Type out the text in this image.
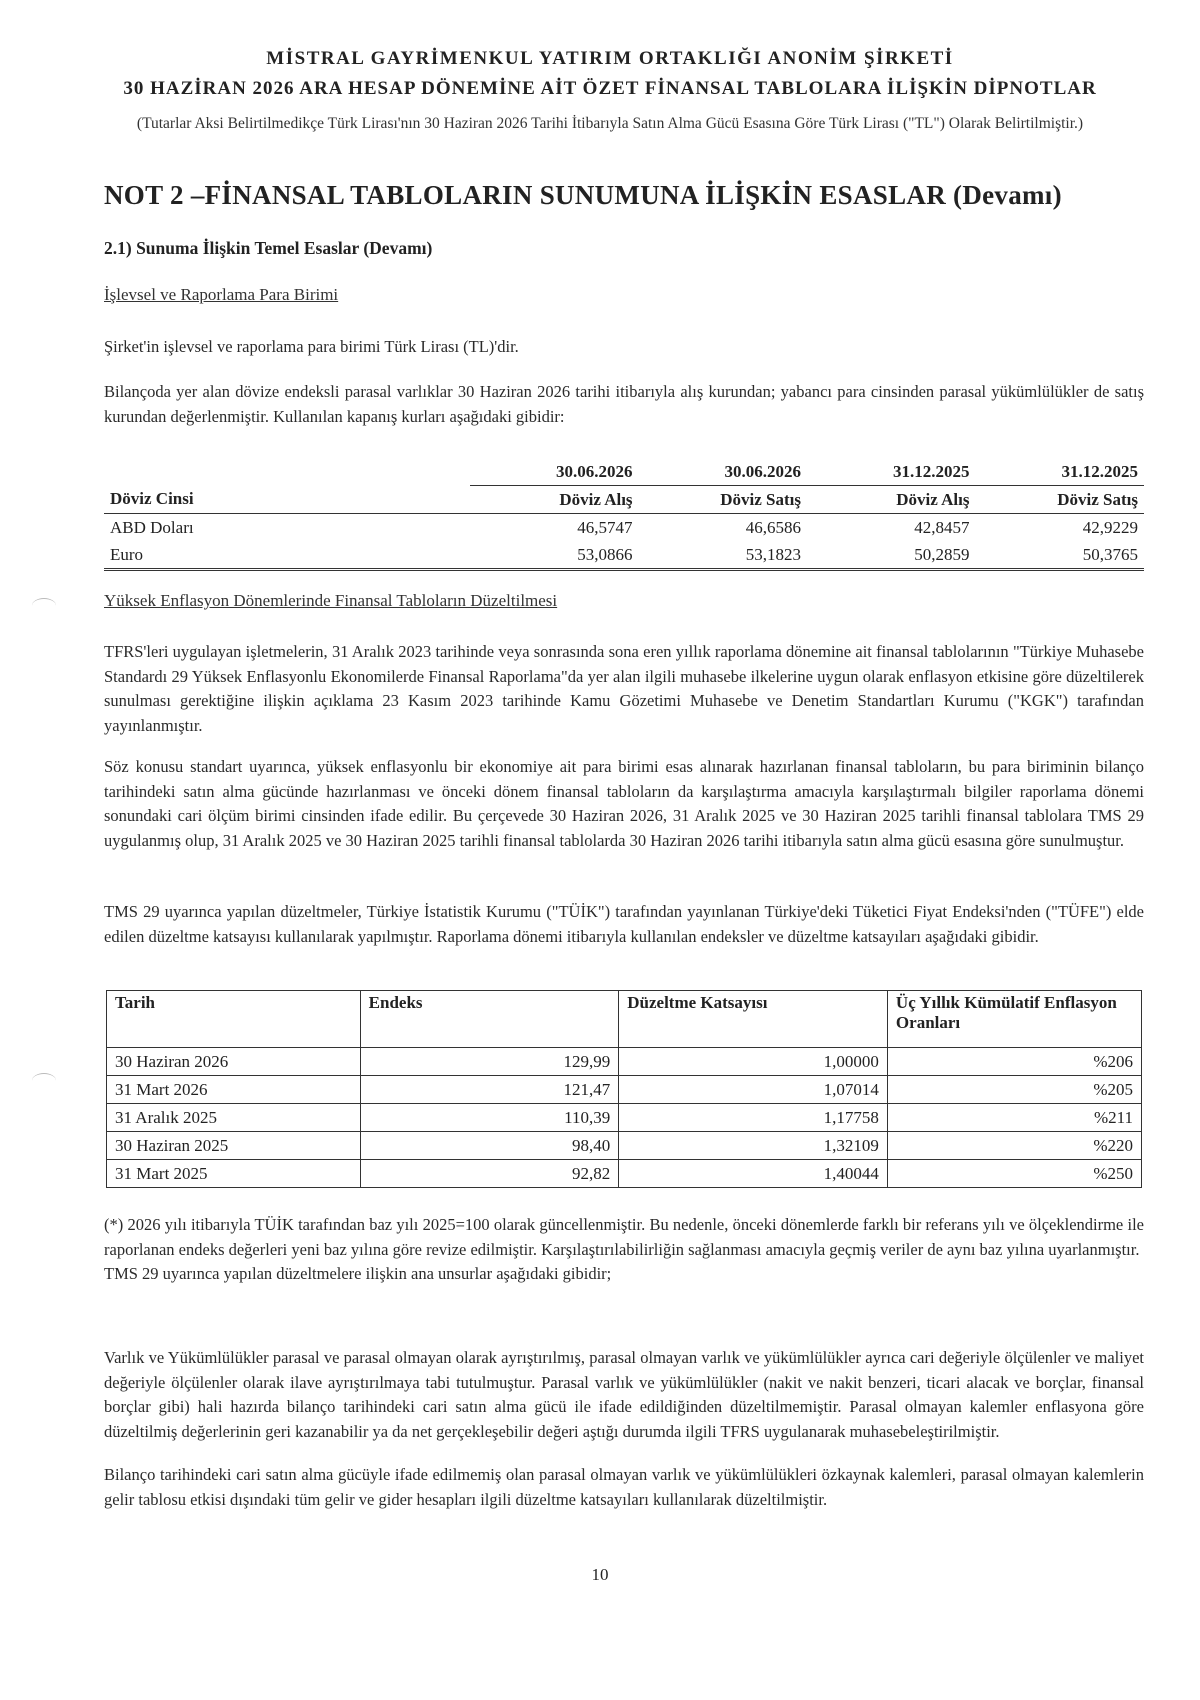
MİSTRAL GAYRİMENKUL YATIRIM ORTAKLIĞI ANONİM ŞİRKETİ
30 HAZİRAN 2026 ARA HESAP DÖNEMİNE AİT ÖZET FİNANSAL TABLOLARA İLİŞKİN DİPNOTLAR
(Tutarlar Aksi Belirtilmedikçe Türk Lirası'nın 30 Haziran 2026 Tarihi İtibarıyla Satın Alma Gücü Esasına Göre Türk Lirası ("TL") Olarak Belirtilmiştir.)
NOT 2 –FİNANSAL TABLOLARIN SUNUMUNA İLİŞKİN ESASLAR (Devamı)
2.1) Sunuma İlişkin Temel Esaslar (Devamı)
İşlevsel ve Raporlama Para Birimi
Şirket'in işlevsel ve raporlama para birimi Türk Lirası (TL)'dir.
Bilançoda yer alan dövize endeksli parasal varlıklar 30 Haziran 2026 tarihi itibarıyla alış kurundan; yabancı para cinsinden parasal yükümlülükler de satış kurundan değerlenmiştir. Kullanılan kapanış kurları aşağıdaki gibidir:
	30.06.2026	30.06.2026	31.12.2025	31.12.2025
Döviz Cinsi	Döviz Alış	Döviz Satış	Döviz Alış	Döviz Satış
ABD Doları	46,5747	46,6586	42,8457	42,9229
Euro	53,0866	53,1823	50,2859	50,3765
Yüksek Enflasyon Dönemlerinde Finansal Tabloların Düzeltilmesi
TFRS'leri uygulayan işletmelerin, 31 Aralık 2023 tarihinde veya sonrasında sona eren yıllık raporlama dönemine ait finansal tablolarının "Türkiye Muhasebe Standardı 29 Yüksek Enflasyonlu Ekonomilerde Finansal Raporlama"da yer alan ilgili muhasebe ilkelerine uygun olarak enflasyon etkisine göre düzeltilerek sunulması gerektiğine ilişkin açıklama 23 Kasım 2023 tarihinde Kamu Gözetimi Muhasebe ve Denetim Standartları Kurumu ("KGK") tarafından yayınlanmıştır.
Söz konusu standart uyarınca, yüksek enflasyonlu bir ekonomiye ait para birimi esas alınarak hazırlanan finansal tabloların, bu para biriminin bilanço tarihindeki satın alma gücünde hazırlanması ve önceki dönem finansal tabloların da karşılaştırma amacıyla karşılaştırmalı bilgiler raporlama dönemi sonundaki cari ölçüm birimi cinsinden ifade edilir. Bu çerçevede 30 Haziran 2026, 31 Aralık 2025 ve 30 Haziran 2025 tarihli finansal tablolara TMS 29 uygulanmış olup, 31 Aralık 2025 ve 30 Haziran 2025 tarihli finansal tablolarda 30 Haziran 2026 tarihi itibarıyla satın alma gücü esasına göre sunulmuştur.
TMS 29 uyarınca yapılan düzeltmeler, Türkiye İstatistik Kurumu ("TÜİK") tarafından yayınlanan Türkiye'deki Tüketici Fiyat Endeksi'nden ("TÜFE") elde edilen düzeltme katsayısı kullanılarak yapılmıştır. Raporlama dönemi itibarıyla kullanılan endeksler ve düzeltme katsayıları aşağıdaki gibidir.
Tarih	Endeks	Düzeltme Katsayısı	Üç Yıllık Kümülatif Enflasyon Oranları
30 Haziran 2026	129,99	1,00000	%206
31 Mart 2026	121,47	1,07014	%205
31 Aralık 2025	110,39	1,17758	%211
30 Haziran 2025	98,40	1,32109	%220
31 Mart 2025	92,82	1,40044	%250
(*) 2026 yılı itibarıyla TÜİK tarafından baz yılı 2025=100 olarak güncellenmiştir. Bu nedenle, önceki dönemlerde farklı bir referans yılı ve ölçeklendirme ile raporlanan endeks değerleri yeni baz yılına göre revize edilmiştir. Karşılaştırılabilirliğin sağlanması amacıyla geçmiş veriler de aynı baz yılına uyarlanmıştır.
TMS 29 uyarınca yapılan düzeltmelere ilişkin ana unsurlar aşağıdaki gibidir;
Varlık ve Yükümlülükler parasal ve parasal olmayan olarak ayrıştırılmış, parasal olmayan varlık ve yükümlülükler ayrıca cari değeriyle ölçülenler ve maliyet değeriyle ölçülenler olarak ilave ayrıştırılmaya tabi tutulmuştur. Parasal varlık ve yükümlülükler (nakit ve nakit benzeri, ticari alacak ve borçlar, finansal borçlar gibi) hali hazırda bilanço tarihindeki cari satın alma gücü ile ifade edildiğinden düzeltilmemiştir. Parasal olmayan kalemler enflasyona göre düzeltilmiş değerlerinin geri kazanabilir ya da net gerçekleşebilir değeri aştığı durumda ilgili TFRS uygulanarak muhasebeleştirilmiştir.
Bilanço tarihindeki cari satın alma gücüyle ifade edilmemiş olan parasal olmayan varlık ve yükümlülükleri özkaynak kalemleri, parasal olmayan kalemlerin gelir tablosu etkisi dışındaki tüm gelir ve gider hesapları ilgili düzeltme katsayıları kullanılarak düzeltilmiştir.
10
